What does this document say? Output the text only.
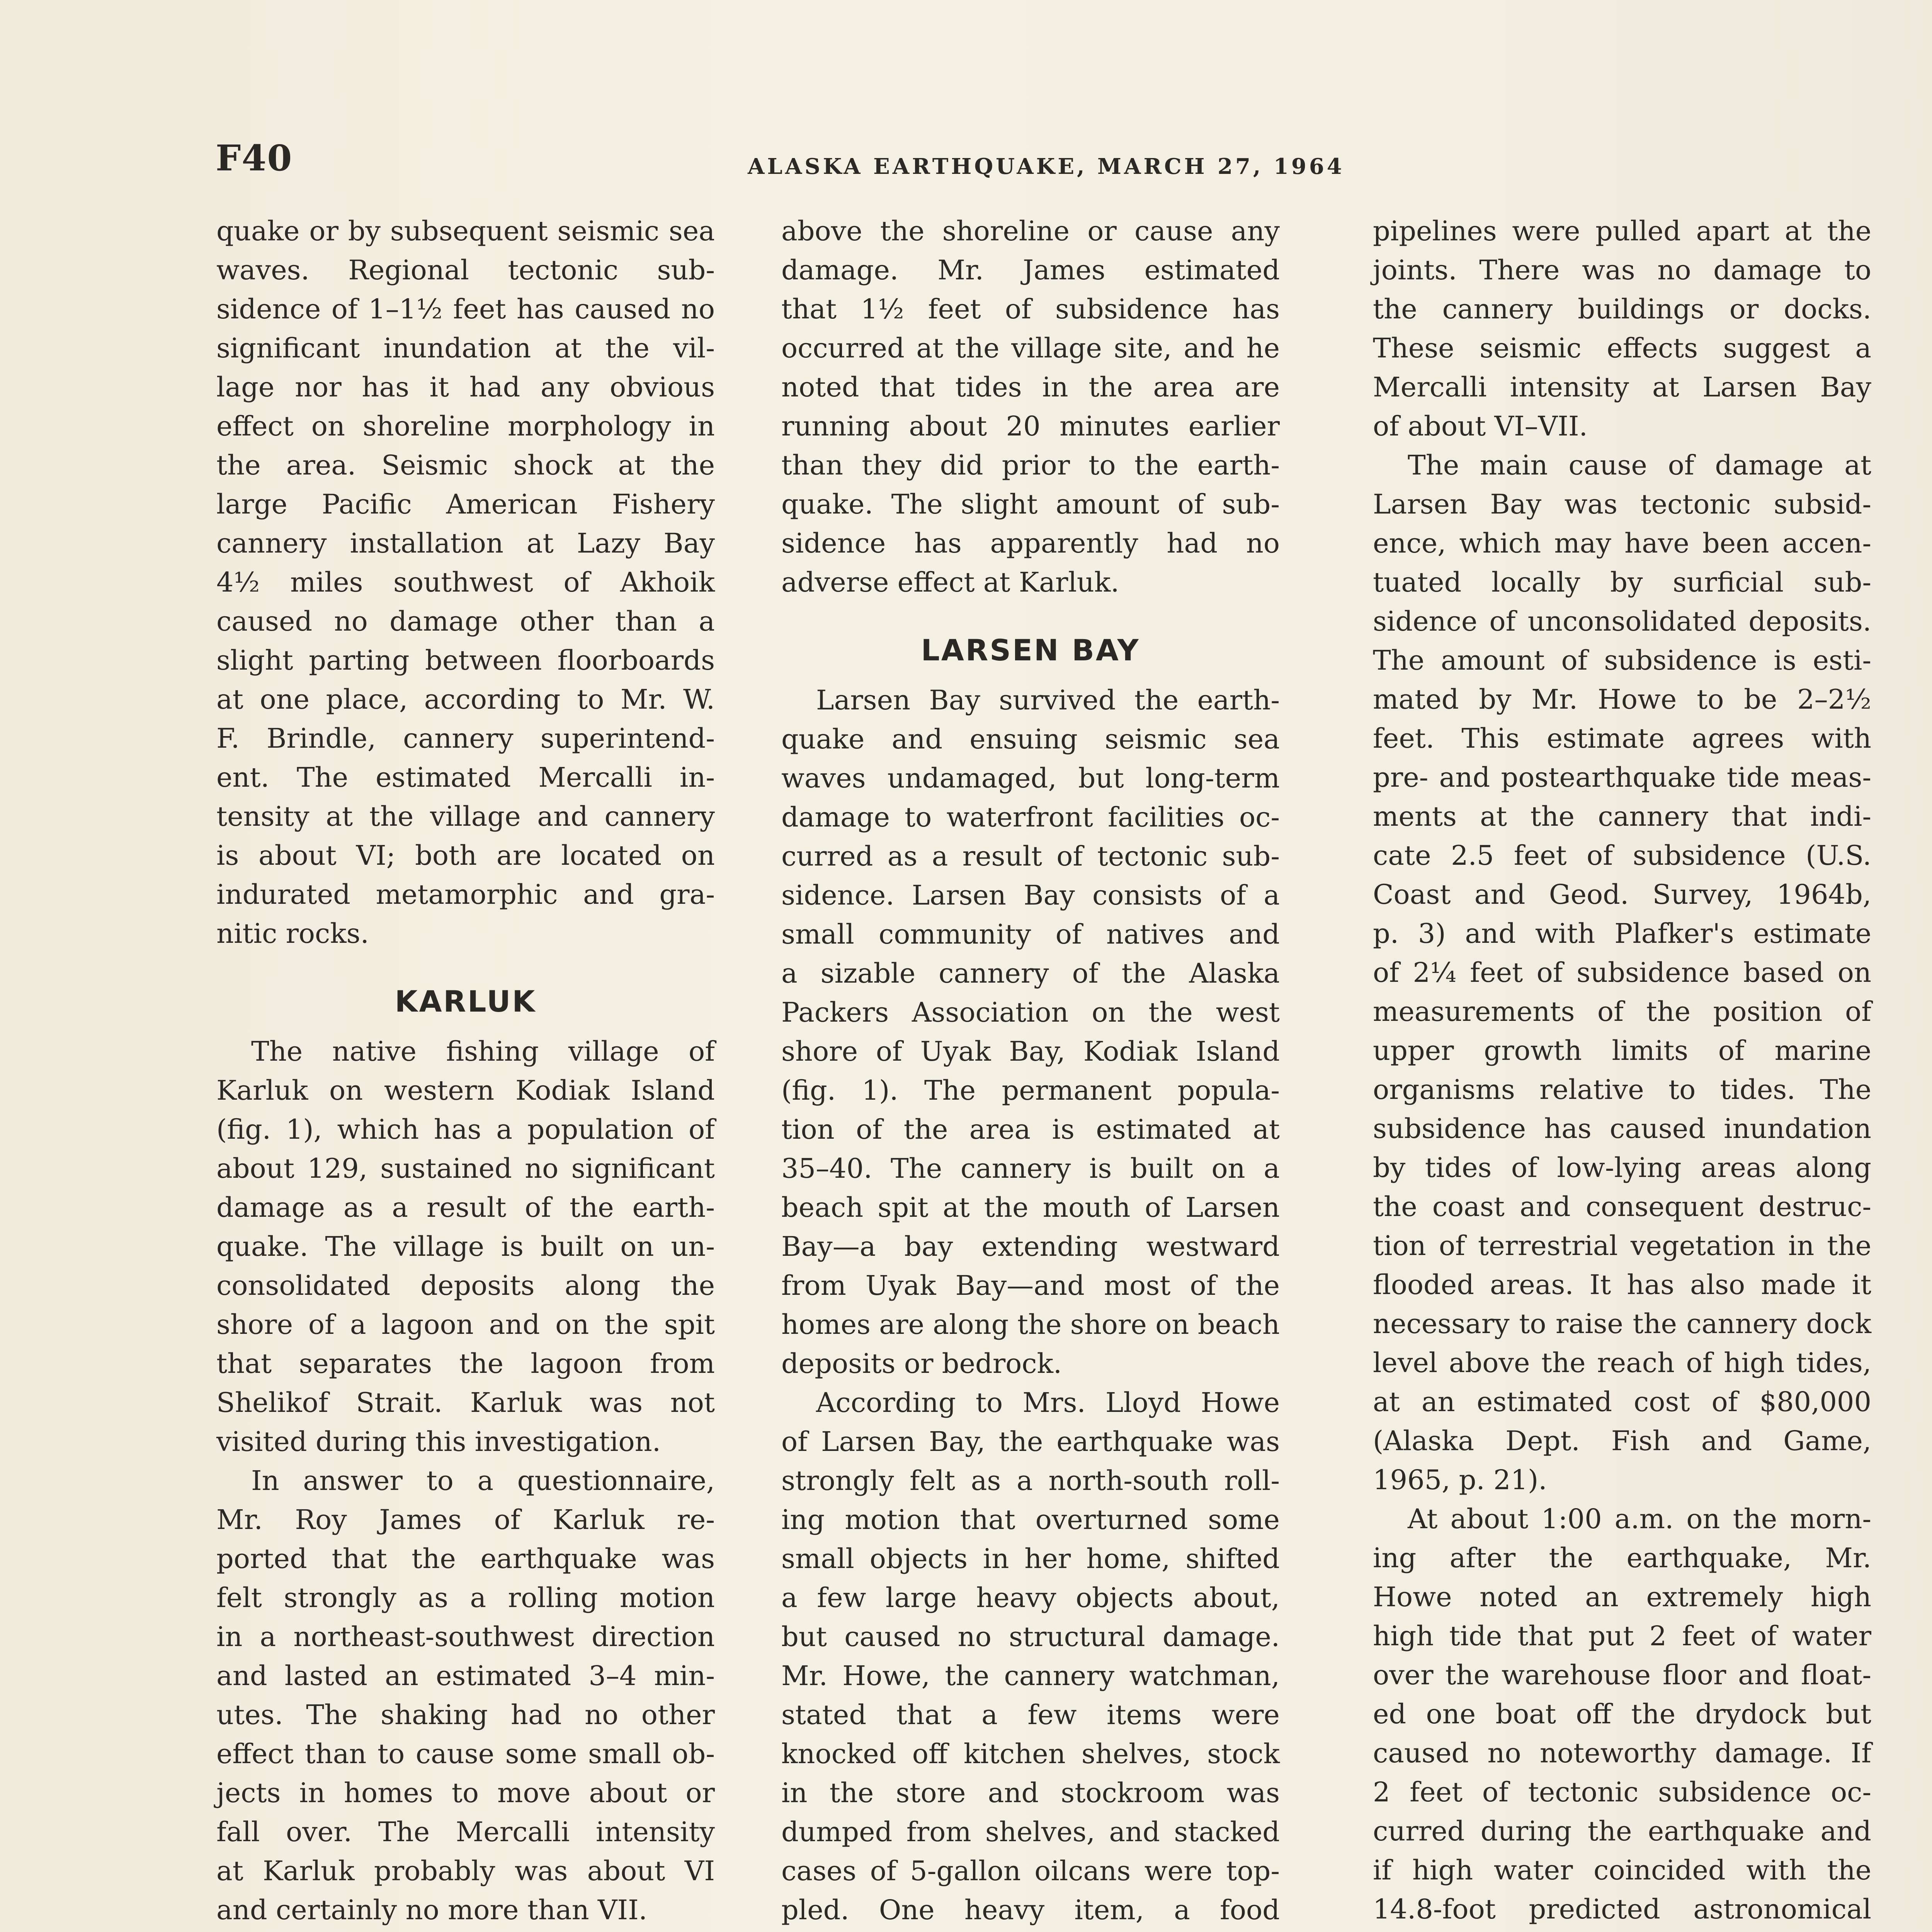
F40	ALASKA EARTHQUAKE, MARCH 27, 1964
quake or by subsequent seismic sea
waves. Regional tectonic sub-
sidence of 1–1½ feet has caused no
significant inundation at the vil-
lage nor has it had any obvious
effect on shoreline morphology in
the area. Seismic shock at the
large Pacific American Fishery
cannery installation at Lazy Bay
4½ miles southwest of Akhoik
caused no damage other than a
slight parting between floorboards
at one place, according to Mr. W.
F. Brindle, cannery superintend-
ent. The estimated Mercalli in-
tensity at the village and cannery
is about VI; both are located on
indurated metamorphic and gra-
nitic rocks.
KARLUK
The native fishing village of
Karluk on western Kodiak Island
(fig. 1), which has a population of
about 129, sustained no significant
damage as a result of the earth-
quake. The village is built on un-
consolidated deposits along the
shore of a lagoon and on the spit
that separates the lagoon from
Shelikof Strait. Karluk was not
visited during this investigation.
In answer to a questionnaire,
Mr. Roy James of Karluk re-
ported that the earthquake was
felt strongly as a rolling motion
in a northeast-southwest direction
and lasted an estimated 3–4 min-
utes. The shaking had no other
effect than to cause some small ob-
jects in homes to move about or
fall over. The Mercalli intensity
at Karluk probably was about VI
and certainly no more than VII.
above the shoreline or cause any
damage. Mr. James estimated
that 1½ feet of subsidence has
occurred at the village site, and he
noted that tides in the area are
running about 20 minutes earlier
than they did prior to the earth-
quake. The slight amount of sub-
sidence has apparently had no
adverse effect at Karluk.
LARSEN BAY
Larsen Bay survived the earth-
quake and ensuing seismic sea
waves undamaged, but long-term
damage to waterfront facilities oc-
curred as a result of tectonic sub-
sidence. Larsen Bay consists of a
small community of natives and
a sizable cannery of the Alaska
Packers Association on the west
shore of Uyak Bay, Kodiak Island
(fig. 1). The permanent popula-
tion of the area is estimated at
35–40. The cannery is built on a
beach spit at the mouth of Larsen
Bay—a bay extending westward
from Uyak Bay—and most of the
homes are along the shore on beach
deposits or bedrock.
According to Mrs. Lloyd Howe
of Larsen Bay, the earthquake was
strongly felt as a north-south roll-
ing motion that overturned some
small objects in her home, shifted
a few large heavy objects about,
but caused no structural damage.
Mr. Howe, the cannery watchman,
stated that a few items were
knocked off kitchen shelves, stock
in the store and stockroom was
dumped from shelves, and stacked
cases of 5-gallon oilcans were top-
pled. One heavy item, a food
pipelines were pulled apart at the
joints. There was no damage to
the cannery buildings or docks.
These seismic effects suggest a
Mercalli intensity at Larsen Bay
of about VI–VII.
The main cause of damage at
Larsen Bay was tectonic subsid-
ence, which may have been accen-
tuated locally by surficial sub-
sidence of unconsolidated deposits.
The amount of subsidence is esti-
mated by Mr. Howe to be 2–2½
feet. This estimate agrees with
pre- and postearthquake tide meas-
ments at the cannery that indi-
cate 2.5 feet of subsidence (U.S.
Coast and Geod. Survey, 1964b,
p. 3) and with Plafker's estimate
of 2¼ feet of subsidence based on
measurements of the position of
upper growth limits of marine
organisms relative to tides. The
subsidence has caused inundation
by tides of low-lying areas along
the coast and consequent destruc-
tion of terrestrial vegetation in the
flooded areas. It has also made it
necessary to raise the cannery dock
level above the reach of high tides,
at an estimated cost of $80,000
(Alaska Dept. Fish and Game,
1965, p. 21).
At about 1:00 a.m. on the morn-
ing after the earthquake, Mr.
Howe noted an extremely high
high tide that put 2 feet of water
over the warehouse floor and float-
ed one boat off the drydock but
caused no noteworthy damage. If
2 feet of tectonic subsidence oc-
curred during the earthquake and
if high water coincided with the
14.8-foot predicted astronomical
